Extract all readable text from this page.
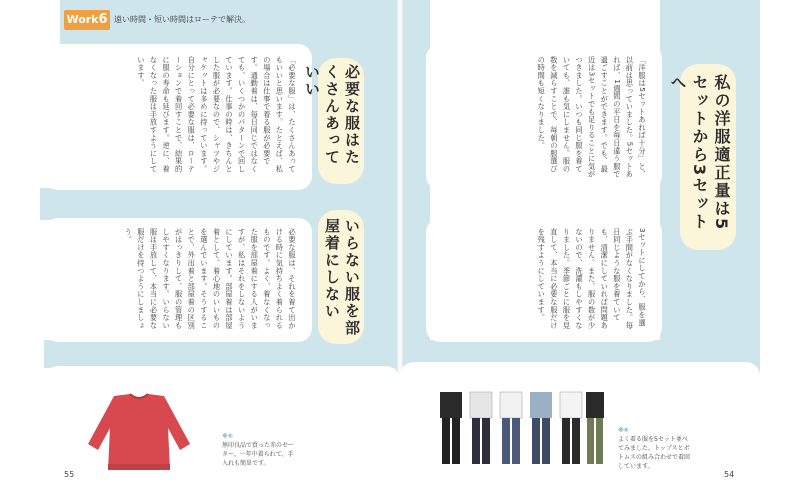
Work6 遠い時間・短い時間はローテで解決。
「必要な服」は、たくさんあってもいいと思います。たとえば、私の場合は仕事で着る服が必要です。通勤着は、毎日同じではなくても、いくつかのパターンで回しています。仕事の時は、きちんとした服が必要なので、シャツやジャケットは多めに持っています。自分にとって必要な服は、ローテーションで着回すことで、結果的に服の寿命も延びます。逆に、着なくなった服は手放すようにしています。	必要な服はたくさんあっていい
必要な服は、それを着て出かける時に気持ちよく着られるものです。よく、着なくなった服を部屋着にする人がいますが、私はそれをしないようにしています。部屋着は部屋着として、着心地のいいものを選んでいます。そうすることで、外出着と部屋着の区別がはっきりして、服の管理もしやすくなります。いらない服は手放して、本当に必要な服だけを持つようにしましょう。	いらない服を部屋着にしない
※⑤
無印良品で買った赤のセーター。一年中着られて、手入れも簡単です。
55
私の洋服適正量は5セットから3セットへ
「洋服は5セットあれば十分」と、以前は思っていました。5セットあれば、1週間の平日を毎日違う服で過ごすことができます。でも、最近は3セットでも足りることに気がつきました。いつも同じ服を着ていても、誰も気にしません。服の数を減らすことで、毎朝の服選びの時間も短くなりました。
3セットにしてから、服を選ぶ手間がなくなりました。毎日同じような服を着ていても、清潔にしていれば問題ありません。また、服の数が少ないので、洗濯もしやすくなりました。季節ごとに服を見直して、本当に必要な服だけを残すようにしています。
※⑥
よく着る服を5セット並べてみました。トップスとボトムスの組み合わせで着回しています。
54
